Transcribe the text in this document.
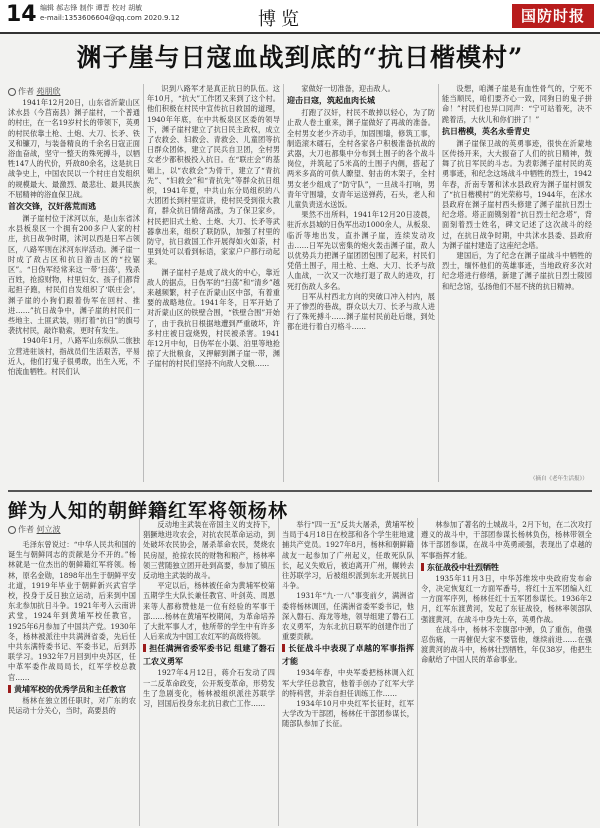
14 编辑 郝志锋 制作 谭晋 校对 胡敏
e-mail:1353606604@qq.com 2020.9.12	博览	国防时报
渊子崖与日寇血战到底的“抗日楷模村”
作者 苑朋欣

1941年12月20日，山东省沂蒙山区沭水县（今莒南县）渊子崖村，一个普通的村庄，在一名19岁村长的带领下，英勇的村民依靠土枪、土炮、大刀、长矛、铁叉和镰刀，与装备精良的千余名日寇正面浴血奋战，坚守一整天的殊死搏斗，以牺牲147人的代价，歼敌80余名，这是抗日战争史上，中国农民以一个村庄自发组织的规模最大、最激烈、最悲壮、最具民族不屈精神的浴血保卫战。

首次交锋，汉奸落荒而逃

渊子崖村位于沭河以东，是山东省沭水县板泉区一个拥有200多户人家的村庄，抗日战争时期，沭河以西是日军占领区，八路军则在沭河东岸活动。渊子崖一时成了敌占区和抗日游击区的“拉锯区”。“日伪军经常来这一带‘扫荡’，残杀百姓，抢掠财物，村里妇女、孩子们都背起担子跑，村民们自发组织了‘联庄会’，渊子崖的小狗们跟着伪军在回村、推进……”抗日战争中，渊子崖的村民们一些地主、土匪武装，则打着“抗日”的旗号袭扰村民，敲诈勒索，更时有发生。

1940年1月，八路军山东纵队二旅独立营进驻该村，指战员们生活艰苦，平易近人，他们打鬼子很勇敢，出生入死，不怕流血牺牲。村民们认

识到八路军才是真正抗日的队伍。这年10月，“抗大”工作团又来到了这个村。他们积极在村民中宣传抗日救国的道理，1940年年底，在中共板泉区区委的领导下，渊子崖村建立了抗日民主政权，成立了农救会、妇救会、青救会、儿童团等抗日群众团体，建立了民兵自卫团，全村男女老少都积极投入抗日。在“联庄会”的基础上，以“农救会”为骨干，建立了“青抗先”、“妇救会”和“青抗先”等群众抗日组织，1941年夏，中共山东分局组织的八大团团长到村里宣讲，使村民受到很大教育，群众抗日情绪高涨，为了保卫家乡，村民把旧式土枪、土炮、大刀、长矛等武器拿出来，组织了联防队，加强了村里的防守，抗日救国工作开展得如火如荼，村里到处可以看到标语，家家户户都行动起来。

渊子崖村子是成了战火的中心，靠近敌人的据点，日伪军的“扫荡”和“清乡”越来越频繁，村子在沂蒙山区中部，有着重要的战略地位。1941年冬，日军开始了对沂蒙山区的铁壁合围，“铁壁合围”开始了，由于我抗日根据地遭到严重破坏，许多村庄被日寇烧毁，村民被杀害。1941年12月中旬，日伪军在小渠、泊里等地抢掠了大批粮食，又押解到渊子崖一带，渊子崖村的村民们坚持不向敌人交粮……

家做好一切准备，迎击敌人。

迎击日寇，筑起血肉长城

打跑了汉奸，村民不敢掉以轻心，为了防止敌人卷土重来，渊子崖做好了再战的准备。全村男女老少齐动手，加固围墙，修筑工事，制造滚木礌石，全村各家各户积极准备抗战的武器，大刀也都集中分布到土围子的各个战斗岗位，并筑起了5米高的土围子内侧，搭起了两米多高的可供人瞭望、射击的木架子，全村男女老少组成了“防守队”，一旦战斗打响，男青年守围墙，女青年运送弹药，石头，老人和儿童负责送水送饭。

果然不出所料，1941年12月20日凌晨，驻沂水县城的日伪军出动1000余人，从板泉、临沂等地出发，直扑渊子崖，连续发动攻击……日军先以密集的炮火轰击渊子崖，敌人以优势兵力把渊子崖团团包围了起来，村民们凭借土围子，用土枪、土炮、大刀、长矛与敌人血战，一次又一次地打退了敌人的进攻，打死打伤敌人多名。

日军从村西北方向的突破口冲入村内，展开了惨烈的巷战，群众以大刀、长矛与敌人进行了殊死搏斗……渊子崖村民前赴后继，到处都在进行着白刃格斗……

设想，咱渊子崖是有血性骨气的，宁死不能当顺民，咱们要齐心一致，同狗日的鬼子拼命！”村民们也异口同声：“宁可站着死，决不跪着活，大伙儿和你们拼了！”

抗日楷模，英名永垂青史

渊子崖保卫战的英勇事迹，很快在沂蒙地区传扬开来，大大振奋了人们的抗日精神，鼓舞了抗日军民的斗志。为表彰渊子崖村民的英勇事迹，和纪念这场战斗中牺牲的烈士，1942年春，沂南专署和沭水县政府为渊子崖村颁发了“抗日楷模村”的光荣称号，1944年，在沭水县政府在渊子崖村西头修建了渊子崖抗日烈士纪念塔。塔正面镌刻着“抗日烈士纪念塔”，背面刻着烈士姓名，碑文记述了这次战斗的经过，在抗日战争时期，中共沭水县委、县政府为渊子崖村建造了这座纪念塔。

建国后，为了纪念在渊子崖战斗中牺牲的烈士，缅怀他们的英雄事迹，当地政府多次对纪念塔进行修缮，新建了渊子崖抗日烈士陵园和纪念馆，弘扬他们不屈不挠的抗日精神。

（摘自《老年生活报》）
鲜为人知的朝鲜籍红军将领杨林
作者 何立波

毛泽东曾说过：“中华人民共和国的诞生与朝鲜同志的贡献是分不开的。”杨林就是一位杰出的朝鲜籍红军将领。杨林，原名金勋，1898年出生于朝鲜平安北道，1919年毕业于朝鲜新兴武官学校，投身于反日独立运动，后来到中国东北参加抗日斗争。1921年考入云南讲武堂，1924年到黄埔军校任教官，1925年6月参加了中国共产党。1930年冬，杨林被派往中共满洲省委，先后任中共东满特委书记、军委书记，后到苏联学习。1932年7月回到中央苏区，任中革军委作战局局长，红军学校总教官……

黄埔军校的优秀学员和主任教官

杨林在独立团任职时，对广东的农民运动十分关心，当时，高要县的

反动地主武装在帝国主义的支持下，猖獗地进攻农会，对抗农民革命运动，到处破坏农民协会，屠杀革命农民，焚烧农民房屋，抢掠农民的财物和粮产，杨林率领三营随独立团开赴到高要，参加了镇压反动地主武装的战斗。

平定以后，杨林被任命为黄埔军校第五期学生大队长兼任教官、叶剑英、周恩来等人都称赞他是一位有经验的军事干部……杨林在黄埔军校期间，为革命培养了大批军事人才，他所带的学生中有许多人后来成为中国工农红军的高级将领。

担任满洲省委军委书记 组建了磐石工农义勇军

1927年4月12日，蒋介石发动了四一二反革命政变，公开叛变革命，形势发生了急剧变化，杨林被组织派往苏联学习，回国后投身东北抗日救亡工作……

举行“四一五”反共大屠杀，黄埔军校当局于4月18日在校部和各个学生驻地逮捕共产党员。1927年8月，杨林和朝鲜籍战友一起参加了广州起义，任敢死队队长，起义失败后，被迫离开广州，辗转去往苏联学习，后被组织派到东北开展抗日斗争。

1931年“九·一八”事变前夕，满洲省委将杨林调回，任满洲省委军委书记，他深入磐石、海龙等地，领导组建了磐石工农义勇军，为东北抗日联军的创建作出了重要贡献。

长征战斗中表现了卓越的军事指挥才能

1934年春，中央军委把杨林调入红军大学任总教官，他着手创办了红军大学的特科营，并亲自担任训练工作……

1934年10月中央红军长征时，红军大学改为干部团，杨林任干部团参谋长，随部队参加了长征。

林参加了著名的土城战斗，2月下旬，在二次攻打遵义的战斗中，干部团参谋长杨林负伤，杨林带领全体干部团参谋，在战斗中英勇顽强，表现出了卓越的军事指挥才能。

东征战役中壮烈牺牲

1935年11月3日，中华苏维埃中央政府发布命令，决定恢复红一方面军番号，将红十五军团编入红一方面军序列，杨林任红十五军团参谋长。1936年2月，红军东渡黄河，发起了东征战役，杨林率领部队强渡黄河，在战斗中身先士卒，英勇作战。

在战斗中，杨林不幸腹部中弹，负了重伤，他强忍伤痛，一再催促大家不要管他，继续前进……在强渡黄河的战斗中，杨林壮烈牺牲，年仅38岁，他把生命献给了中国人民的革命事业。
